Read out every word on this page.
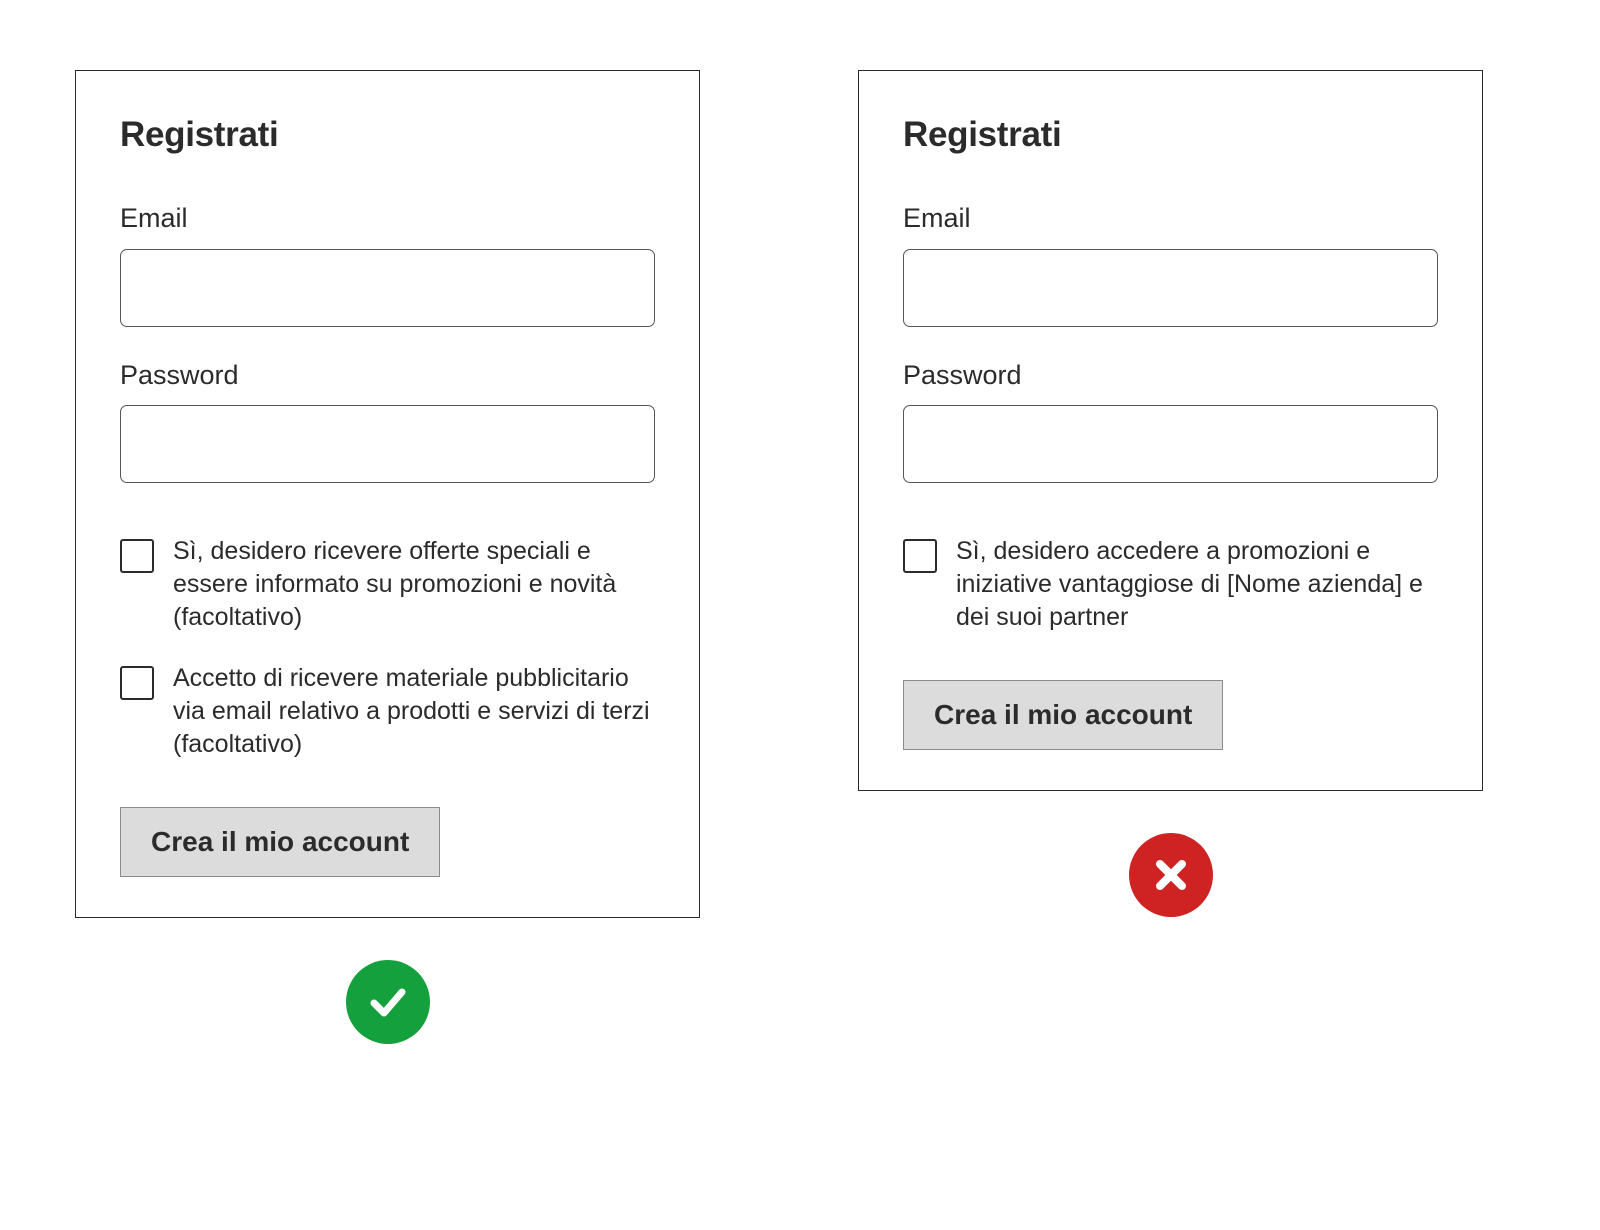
Registrati
Email
Password
Sì, desidero ricevere offerte speciali e essere informato su promozioni e novità (facoltativo)
Accetto di ricevere materiale pubblicitario via email relativo a prodotti e servizi di terzi (facoltativo)
Crea il mio account
Registrati
Email
Password
Sì, desidero accedere a promozioni e iniziative vantaggiose di [Nome azienda] e dei suoi partner
Crea il mio account
